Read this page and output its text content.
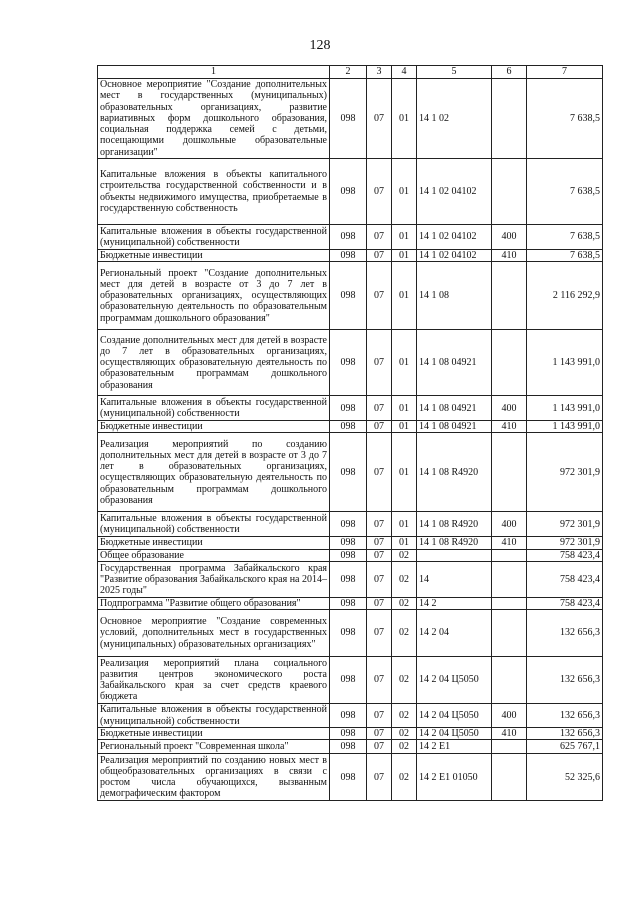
128
1	2	3	4	5	6	7
Основное мероприятие "Создание дополнительных мест в государственных (муниципальных) образовательных организациях, развитие вариативных форм дошкольного образования, социальная поддержка семей с детьми, посещающими дошкольные образовательные организации"	098	07	01	14 1 02		7 638,5
Капитальные вложения в объекты капитального строительства государственной собственности и в объекты недвижимого имущества, приобретаемые в государственную собственность	098	07	01	14 1 02 04102		7 638,5
Капитальные вложения в объекты государственной (муниципальной) собственности	098	07	01	14 1 02 04102	400	7 638,5
Бюджетные инвестиции	098	07	01	14 1 02 04102	410	7 638,5
Региональный проект "Создание дополнительных мест для детей в возрасте от 3 до 7 лет в образовательных организациях, осуществляющих образовательную деятельность по образовательным программам дошкольного образования"	098	07	01	14 1 08		2 116 292,9
Создание дополнительных мест для детей в возрасте до 7 лет в образовательных организациях, осуществляющих образовательную деятельность по образовательным программам дошкольного образования	098	07	01	14 1 08 04921		1 143 991,0
Капитальные вложения в объекты государственной (муниципальной) собственности	098	07	01	14 1 08 04921	400	1 143 991,0
Бюджетные инвестиции	098	07	01	14 1 08 04921	410	1 143 991,0
Реализация мероприятий по созданию дополнительных мест для детей в возрасте от 3 до 7 лет в образовательных организациях, осуществляющих образовательную деятельность по образовательным программам дошкольного образования	098	07	01	14 1 08 R4920		972 301,9
Капитальные вложения в объекты государственной (муниципальной) собственности	098	07	01	14 1 08 R4920	400	972 301,9
Бюджетные инвестиции	098	07	01	14 1 08 R4920	410	972 301,9
Общее образование	098	07	02			758 423,4
Государственная программа Забайкальского края "Развитие образования Забайкальского края на 2014–2025 годы"	098	07	02	14		758 423,4
Подпрограмма "Развитие общего образования"	098	07	02	14 2		758 423,4
Основное мероприятие "Создание современных условий, дополнительных мест в государственных (муниципальных) образовательных организациях"	098	07	02	14 2 04		132 656,3
Реализация мероприятий плана социального развития центров экономического роста Забайкальского края за счет средств краевого бюджета	098	07	02	14 2 04 Ц5050		132 656,3
Капитальные вложения в объекты государственной (муниципальной) собственности	098	07	02	14 2 04 Ц5050	400	132 656,3
Бюджетные инвестиции	098	07	02	14 2 04 Ц5050	410	132 656,3
Региональный проект "Современная школа"	098	07	02	14 2 E1		625 767,1
Реализация мероприятий по созданию новых мест в общеобразовательных организациях в связи с ростом числа обучающихся, вызванным демографическим фактором	098	07	02	14 2 E1 01050		52 325,6
